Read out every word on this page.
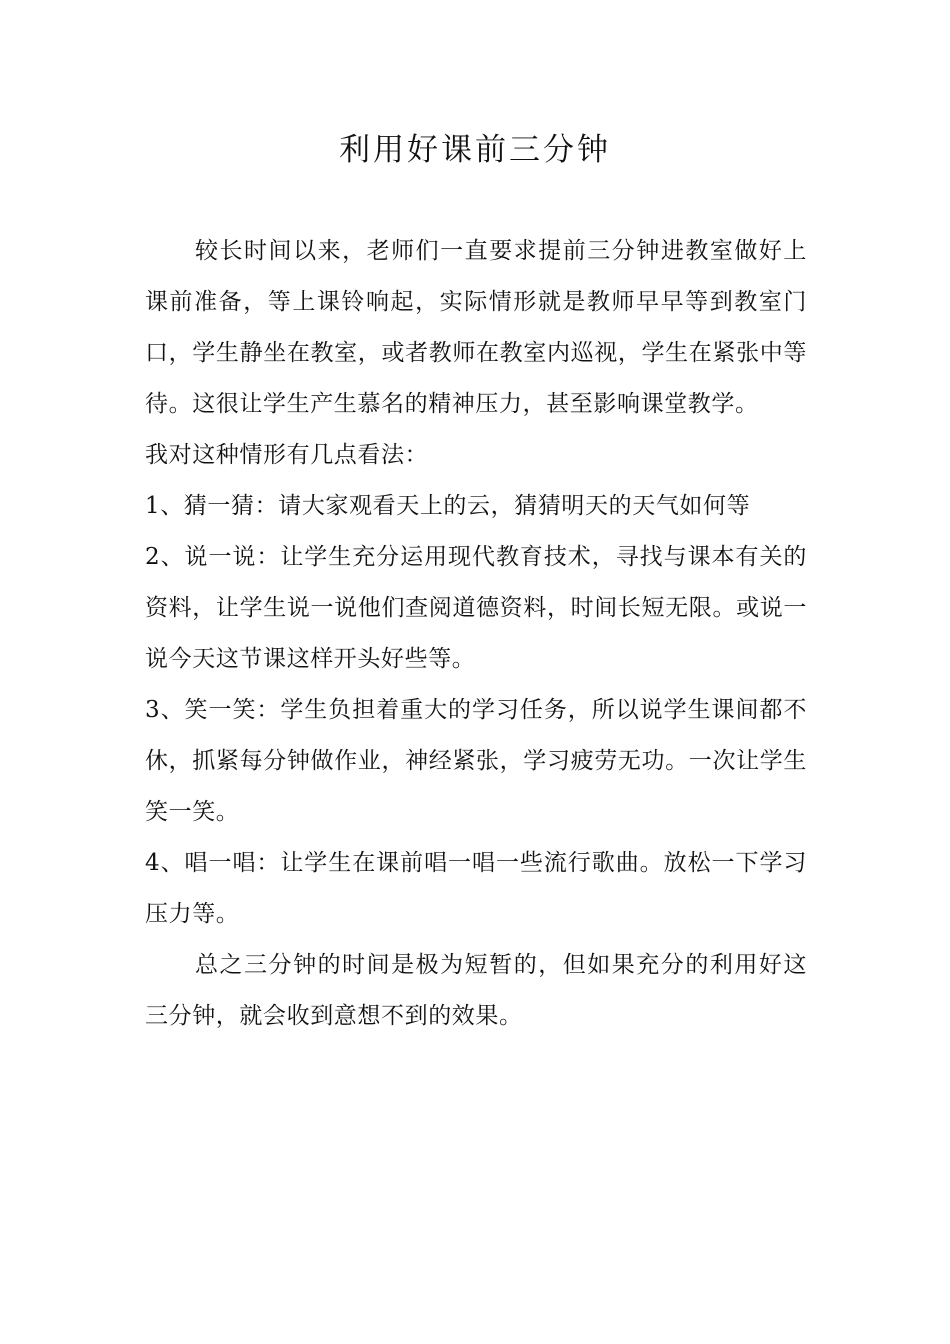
利用好课前三分钟

较长时间以来，老师们一直要求提前三分钟进教室做好上课前准备，等上课铃响起，实际情形就是教师早早等到教室门口，学生静坐在教室，或者教师在教室内巡视，学生在紧张中等待。这很让学生产生慕名的精神压力，甚至影响课堂教学。

我对这种情形有几点看法：

1、猜一猜：请大家观看天上的云，猜猜明天的天气如何等

2、说一说：让学生充分运用现代教育技术，寻找与课本有关的资料，让学生说一说他们查阅道德资料，时间长短无限。或说一说今天这节课这样开头好些等。

3、笑一笑：学生负担着重大的学习任务，所以说学生课间都不休，抓紧每分钟做作业，神经紧张，学习疲劳无功。一次让学生笑一笑。

4、唱一唱：让学生在课前唱一唱一些流行歌曲。放松一下学习压力等。

总之三分钟的时间是极为短暂的，但如果充分的利用好这三分钟，就会收到意想不到的效果。
